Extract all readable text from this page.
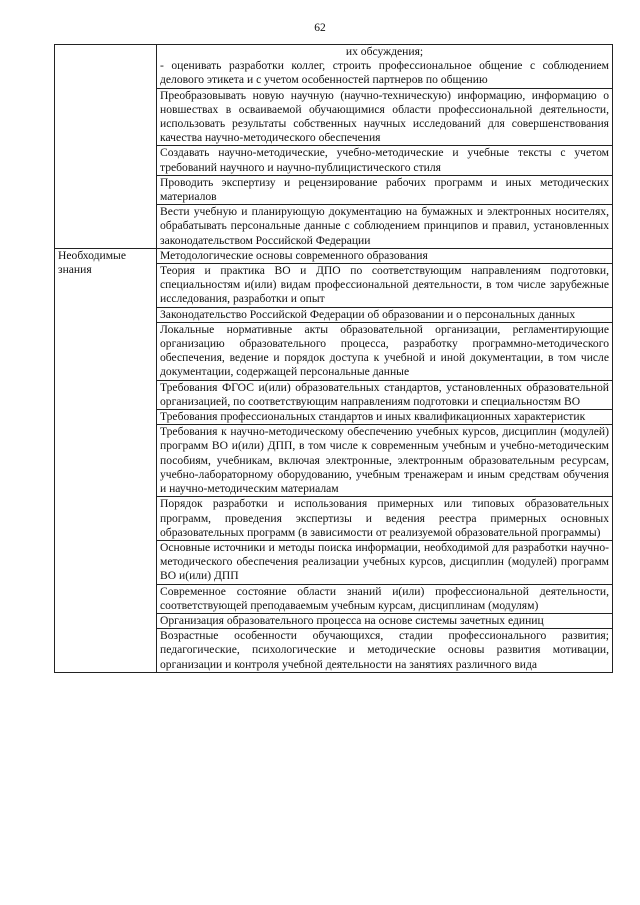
62

	их обсуждения;
- оценивать разработки коллег, строить профессиональное общение с соблюдением делового этикета и с учетом особенностей партнеров по общению

	Преобразовывать новую научную (научно-техническую) информацию, информацию о новшествах в осваиваемой обучающимися области профессиональной деятельности, использовать результаты собственных научных исследований для совершенствования качества научно-методического обеспечения
	Создавать научно-методические, учебно-методические и учебные тексты с учетом требований научного и научно-публицистического стиля
	Проводить экспертизу и рецензирование рабочих программ и иных методических материалов
	Вести учебную и планирующую документацию на бумажных и электронных носителях, обрабатывать персональные данные с соблюдением принципов и правил, установленных законодательством Российской Федерации
Необходимые знания	Методологические основы современного образования
	Теория и практика ВО и ДПО по соответствующим направлениям подготовки, специальностям и(или) видам профессиональной деятельности, в том числе зарубежные исследования, разработки и опыт
	Законодательство Российской Федерации об образовании и о персональных данных
	Локальные нормативные акты образовательной организации, регламентирующие организацию образовательного процесса, разработку программно-методического обеспечения, ведение и порядок доступа к учебной и иной документации, в том числе документации, содержащей персональные данные
	Требования ФГОС и(или) образовательных стандартов, установленных образовательной организацией, по соответствующим направлениям подготовки и специальностям ВО
	Требования профессиональных стандартов и иных квалификационных характеристик
	Требования к научно-методическому обеспечению учебных курсов, дисциплин (модулей) программ ВО и(или) ДПП, в том числе к современным учебным и учебно-методическим пособиям, учебникам, включая электронные, электронным образовательным ресурсам, учебно-лабораторному оборудованию, учебным тренажерам и иным средствам обучения и научно-методическим материалам
	Порядок разработки и использования примерных или типовых образовательных программ, проведения экспертизы и ведения реестра примерных основных образовательных программ (в зависимости от реализуемой образовательной программы)
	Основные источники и методы поиска информации, необходимой для разработки научно-методического обеспечения реализации учебных курсов, дисциплин (модулей) программ ВО и(или) ДПП
	Современное состояние области знаний и(или) профессиональной деятельности, соответствующей преподаваемым учебным курсам, дисциплинам (модулям)
	Организация образовательного процесса на основе системы зачетных единиц
	Возрастные особенности обучающихся, стадии профессионального развития; педагогические, психологические и методические основы развития мотивации, организации и контроля учебной деятельности на занятиях различного вида
